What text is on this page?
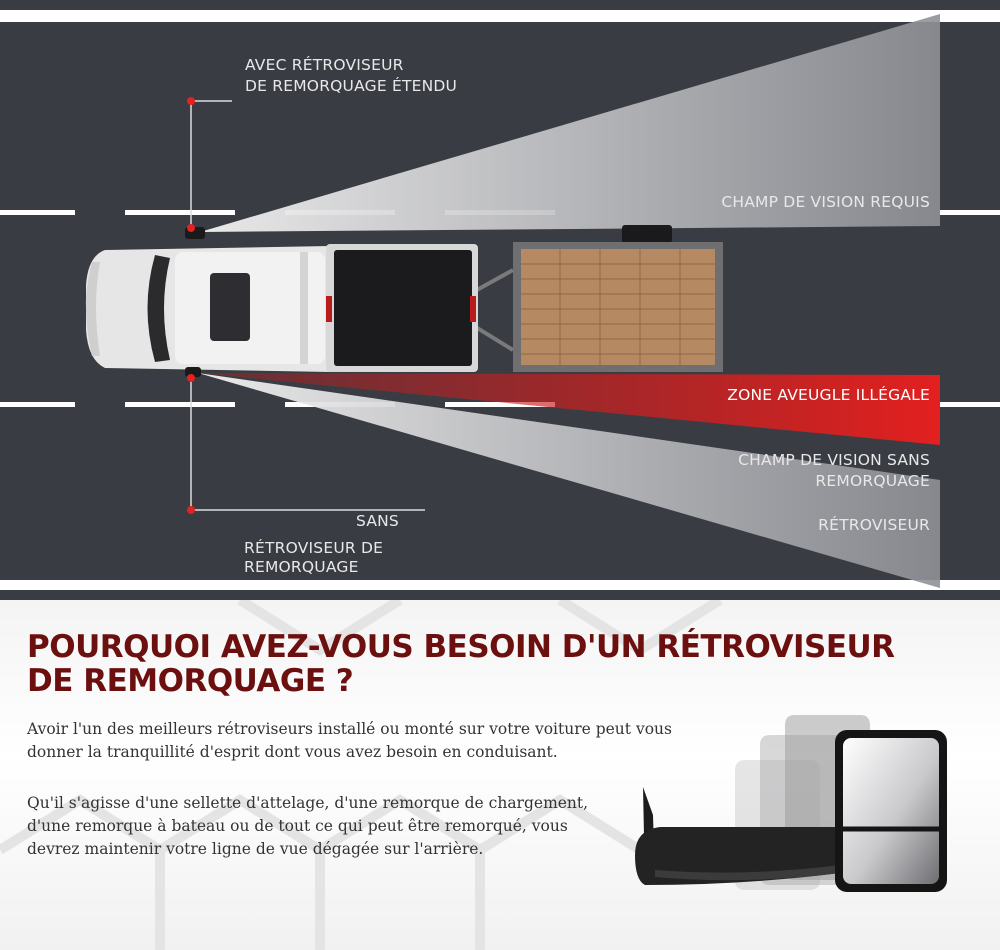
AVEC RÉTROVISEUR
DE REMORQUAGE ÉTENDU
CHAMP DE VISION REQUIS
ZONE AVEUGLE ILLÉGALE
CHAMP DE VISION SANS
REMORQUAGE
RÉTROVISEUR
SANS
RÉTROVISEUR DE
REMORQUAGE
POURQUOI AVEZ-VOUS BESOIN D'UN RÉTROVISEUR DE REMORQUAGE ?

Avoir l'un des meilleurs rétroviseurs installé ou monté sur votre voiture peut vous donner la tranquillité d'esprit dont vous avez besoin en conduisant.

Qu'il s'agisse d'une sellette d'attelage, d'une remorque de chargement, d'une remorque à bateau ou de tout ce qui peut être remorqué, vous devrez maintenir votre ligne de vue dégagée sur l'arrière.
